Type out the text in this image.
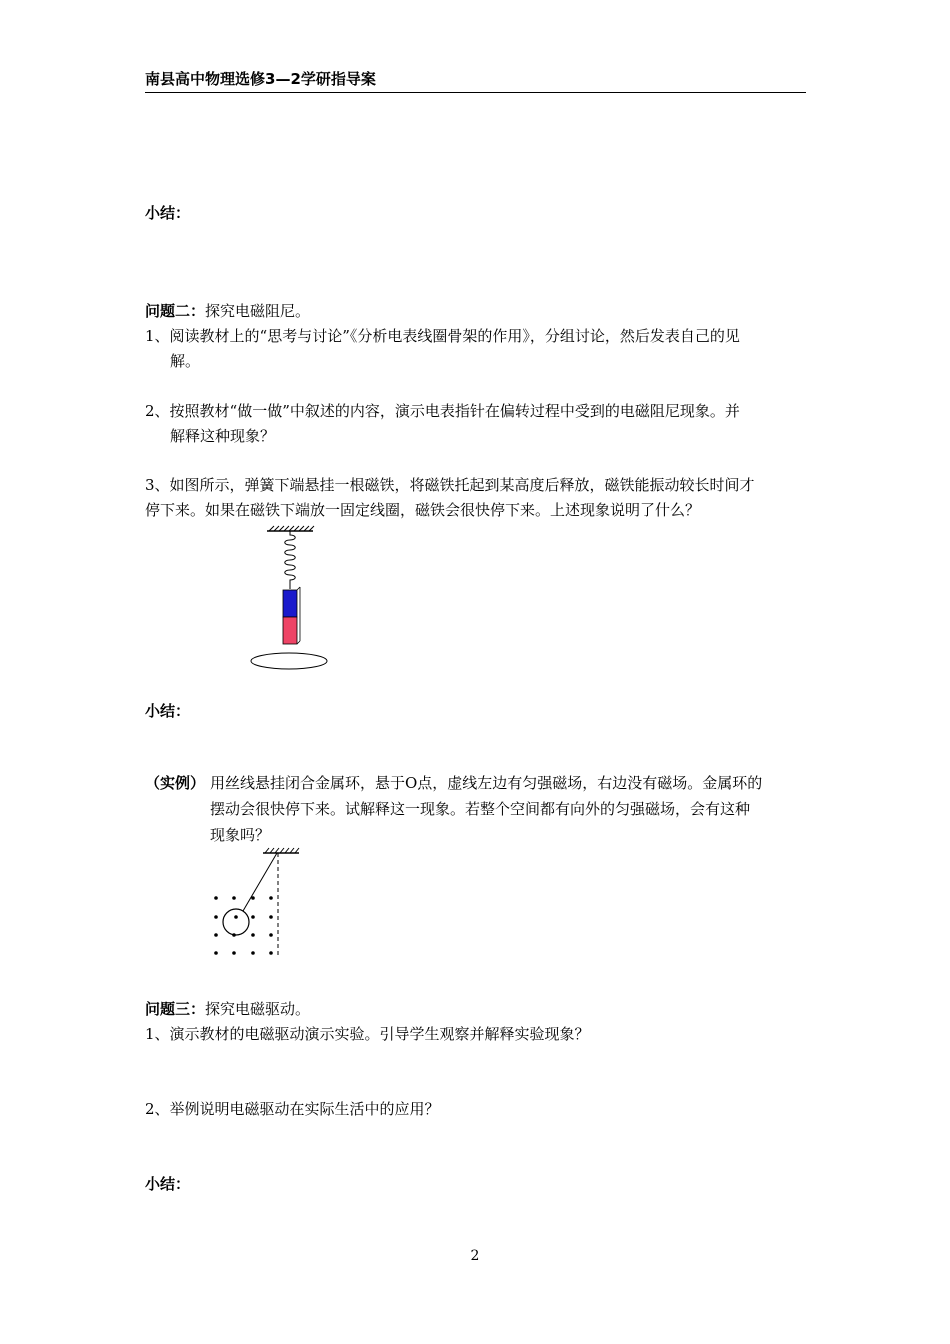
南县高中物理选修3—2学研指导案
小结：
问题二：探究电磁阻尼。
1、阅读教材上的“思考与讨论”《分析电表线圈骨架的作用》，分组讨论，然后发表自己的见
解。
2、按照教材“做一做”中叙述的内容，演示电表指针在偏转过程中受到的电磁阻尼现象。并
解释这种现象？
3、如图所示，弹簧下端悬挂一根磁铁，将磁铁托起到某高度后释放，磁铁能振动较长时间才
停下来。如果在磁铁下端放一固定线圈，磁铁会很快停下来。上述现象说明了什么？
小结：
（实例） 用丝线悬挂闭合金属环，悬于O点，虚线左边有匀强磁场，右边没有磁场。金属环的
摆动会很快停下来。试解释这一现象。若整个空间都有向外的匀强磁场，会有这种
现象吗？
问题三：探究电磁驱动。
1、演示教材的电磁驱动演示实验。引导学生观察并解释实验现象？
2、举例说明电磁驱动在实际生活中的应用？
小结：
2
